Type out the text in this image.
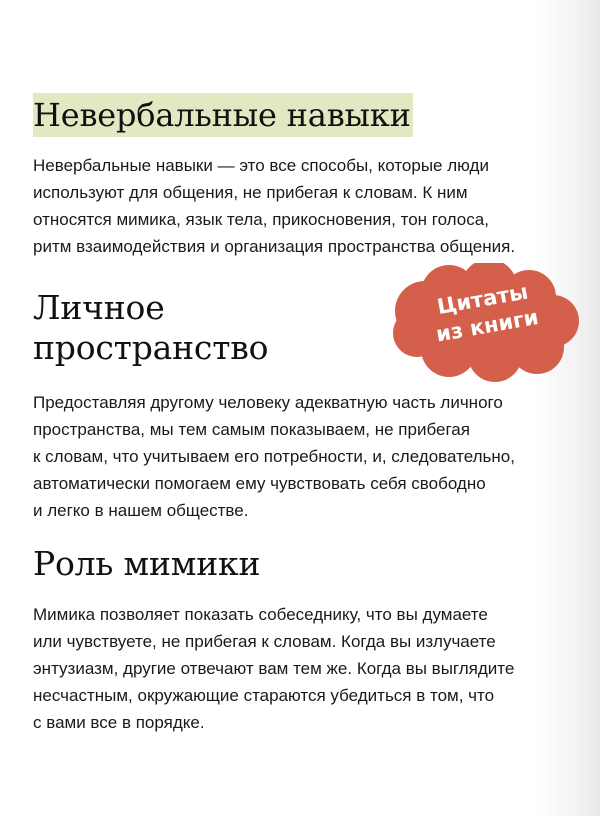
Невербальные навыки

Невербальные навыки — это все способы, которые люди
используют для общения, не прибегая к словам. К ним
относятся мимика, язык тела, прикосновения, тон голоса,
ритм взаимодействия и организация пространства общения.

Личное
пространство
Цитаты
из книги

Предоставляя другому человеку адекватную часть личного
пространства, мы тем самым показываем, не прибегая
к словам, что учитываем его потребности, и, следовательно,
автоматически помогаем ему чувствовать себя свободно
и легко в нашем обществе.

Роль мимики

Мимика позволяет показать собеседнику, что вы думаете
или чувствуете, не прибегая к словам. Когда вы излучаете
энтузиазм, другие отвечают вам тем же. Когда вы выглядите
несчастным, окружающие стараются убедиться в том, что
с вами все в порядке.
